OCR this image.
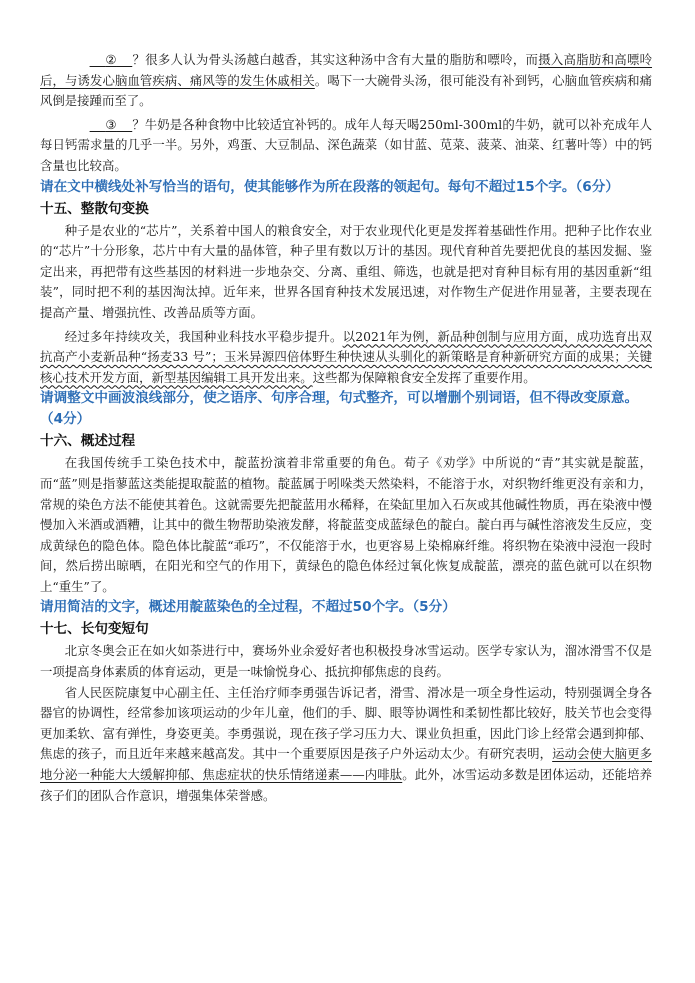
② ？很多人认为骨头汤越白越香，其实这种汤中含有大量的脂肪和嘌呤，而摄入高脂肪和高嘌呤后，与诱发心脑血管疾病、痛风等的发生休戚相关。喝下一大碗骨头汤，很可能没有补到钙，心脑血管疾病和痛风倒是接踵而至了。

③ ？牛奶是各种食物中比较适宜补钙的。成年人每天喝250ml-300ml的牛奶，就可以补充成年人每日钙需求量的几乎一半。另外，鸡蛋、大豆制品、深色蔬菜（如甘蓝、苋菜、菠菜、油菜、红薯叶等）中的钙含量也比较高。

请在文中横线处补写恰当的语句，使其能够作为所在段落的领起句。每句不超过15个字。（6分）

十五、整散句变换

种子是农业的“芯片”，关系着中国人的粮食安全，对于农业现代化更是发挥着基础性作用。把种子比作农业的“芯片”十分形象，芯片中有大量的晶体管，种子里有数以万计的基因。现代育种首先要把优良的基因发掘、鉴定出来，再把带有这些基因的材料进一步地杂交、分离、重组、筛选，也就是把对育种目标有用的基因重新“组装”，同时把不利的基因淘汰掉。近年来，世界各国育种技术发展迅速，对作物生产促进作用显著，主要表现在提高产量、增强抗性、改善品质等方面。

经过多年持续攻关，我国种业科技水平稳步提升。以2021年为例，新品种创制与应用方面，成功选育出双抗高产小麦新品种“扬麦33 号”；玉米异源四倍体野生种快速从头驯化的新策略是育种新研究方面的成果；关键核心技术开发方面，新型基因编辑工具开发出来。这些都为保障粮食安全发挥了重要作用。

请调整文中画波浪线部分，使之语序、句序合理，句式整齐，可以增删个别词语，但不得改变原意。（4分）

十六、概述过程

在我国传统手工染色技术中，靛蓝扮演着非常重要的角色。荀子《劝学》中所说的“青”其实就是靛蓝，而“蓝”则是指蓼蓝这类能提取靛蓝的植物。靛蓝属于吲哚类天然染料，不能溶于水，对织物纤维更没有亲和力，常规的染色方法不能使其着色。这就需要先把靛蓝用水稀释，在染缸里加入石灰或其他碱性物质，再在染液中慢慢加入米酒或酒糟，让其中的微生物帮助染液发酵，将靛蓝变成蓝绿色的靛白。靛白再与碱性溶液发生反应，变成黄绿色的隐色体。隐色体比靛蓝“乖巧”，不仅能溶于水，也更容易上染棉麻纤维。将织物在染液中浸泡一段时间，然后捞出晾晒，在阳光和空气的作用下，黄绿色的隐色体经过氧化恢复成靛蓝，漂亮的蓝色就可以在织物上“重生”了。

请用简洁的文字，概述用靛蓝染色的全过程，不超过50个字。（5分）

十七、长句变短句

北京冬奥会正在如火如荼进行中，赛场外业余爱好者也积极投身冰雪运动。医学专家认为，溜冰滑雪不仅是一项提高身体素质的体育运动，更是一味愉悦身心、抵抗抑郁焦虑的良药。

省人民医院康复中心副主任、主任治疗师李勇强告诉记者，滑雪、滑冰是一项全身性运动，特别强调全身各器官的协调性，经常参加该项运动的少年儿童，他们的手、脚、眼等协调性和柔韧性都比较好，肢关节也会变得更加柔软、富有弹性，身姿更美。李勇强说，现在孩子学习压力大、课业负担重，因此门诊上经常会遇到抑郁、焦虑的孩子，而且近年来越来越高发。其中一个重要原因是孩子户外运动太少。有研究表明，运动会使大脑更多地分泌一种能大大缓解抑郁、焦虑症状的快乐情绪递素——内啡肽。此外，冰雪运动多数是团体运动，还能培养孩子们的团队合作意识，增强集体荣誉感。
